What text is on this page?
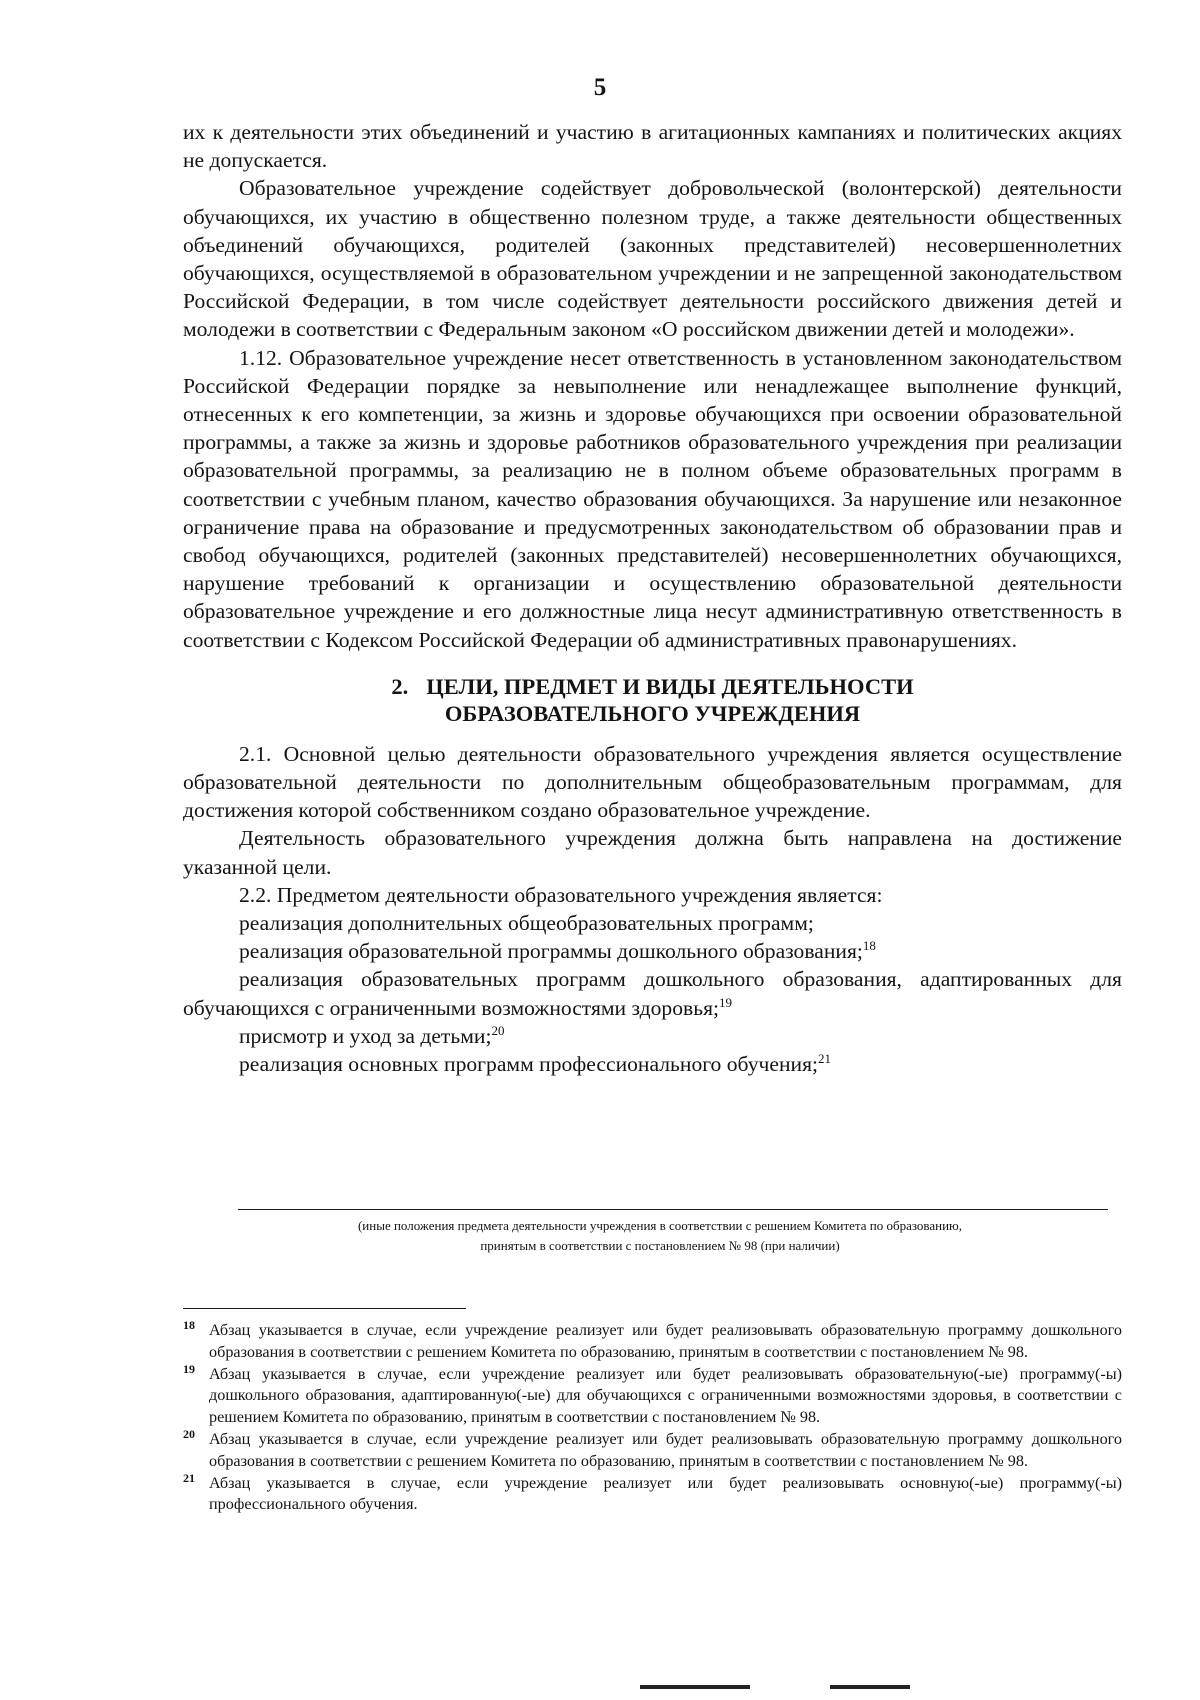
5

их к деятельности этих объединений и участию в агитационных кампаниях и политических акциях не допускается.

Образовательное учреждение содействует добровольческой (волонтерской) деятельности обучающихся, их участию в общественно полезном труде, а также деятельности общественных объединений обучающихся, родителей (законных представителей) несовершеннолетних обучающихся, осуществляемой в образовательном учреждении и не запрещенной законодательством Российской Федерации, в том числе содействует деятельности российского движения детей и молодежи в соответствии с Федеральным законом «О российском движении детей и молодежи».

1.12. Образовательное учреждение несет ответственность в установленном законодательством Российской Федерации порядке за невыполнение или ненадлежащее выполнение функций, отнесенных к его компетенции, за жизнь и здоровье обучающихся при освоении образовательной программы, а также за жизнь и здоровье работников образовательного учреждения при реализации образовательной программы, за реализацию не в полном объеме образовательных программ в соответствии с учебным планом, качество образования обучающихся. За нарушение или незаконное ограничение права на образование и предусмотренных законодательством об образовании прав и свобод обучающихся, родителей (законных представителей) несовершеннолетних обучающихся, нарушение требований к организации и осуществлению образовательной деятельности образовательное учреждение и его должностные лица несут административную ответственность в соответствии с Кодексом Российской Федерации об административных правонарушениях.

2. ЦЕЛИ, ПРЕДМЕТ И ВИДЫ ДЕЯТЕЛЬНОСТИ
ОБРАЗОВАТЕЛЬНОГО УЧРЕЖДЕНИЯ

2.1. Основной целью деятельности образовательного учреждения является осуществление образовательной деятельности по дополнительным общеобразовательным программам, для достижения которой собственником создано образовательное учреждение.

Деятельность образовательного учреждения должна быть направлена на достижение указанной цели.

2.2. Предметом деятельности образовательного учреждения является:

реализация дополнительных общеобразовательных программ;

реализация образовательной программы дошкольного образования;$^{18}$

реализация образовательных программ дошкольного образования, адаптированных для обучающихся с ограниченными возможностями здоровья;$^{19}$

присмотр и уход за детьми;$^{20}$

реализация основных программ профессионального обучения;$^{21}$

(иные положения предмета деятельности учреждения в соответствии с решением Комитета по образованию,
принятым в соответствии с постановлением № 98 (при наличии)
18 Абзац указывается в случае, если учреждение реализует или будет реализовывать образовательную программу дошкольного образования в соответствии с решением Комитета по образованию, принятым в соответствии с постановлением № 98.
19 Абзац указывается в случае, если учреждение реализует или будет реализовывать образовательную(-ые) программу(-ы) дошкольного образования, адаптированную(-ые) для обучающихся с ограниченными возможностями здоровья, в соответствии с решением Комитета по образованию, принятым в соответствии с постановлением № 98.
20 Абзац указывается в случае, если учреждение реализует или будет реализовывать образовательную программу дошкольного образования в соответствии с решением Комитета по образованию, принятым в соответствии с постановлением № 98.
21 Абзац указывается в случае, если учреждение реализует или будет реализовывать основную(-ые) программу(-ы) профессионального обучения.
